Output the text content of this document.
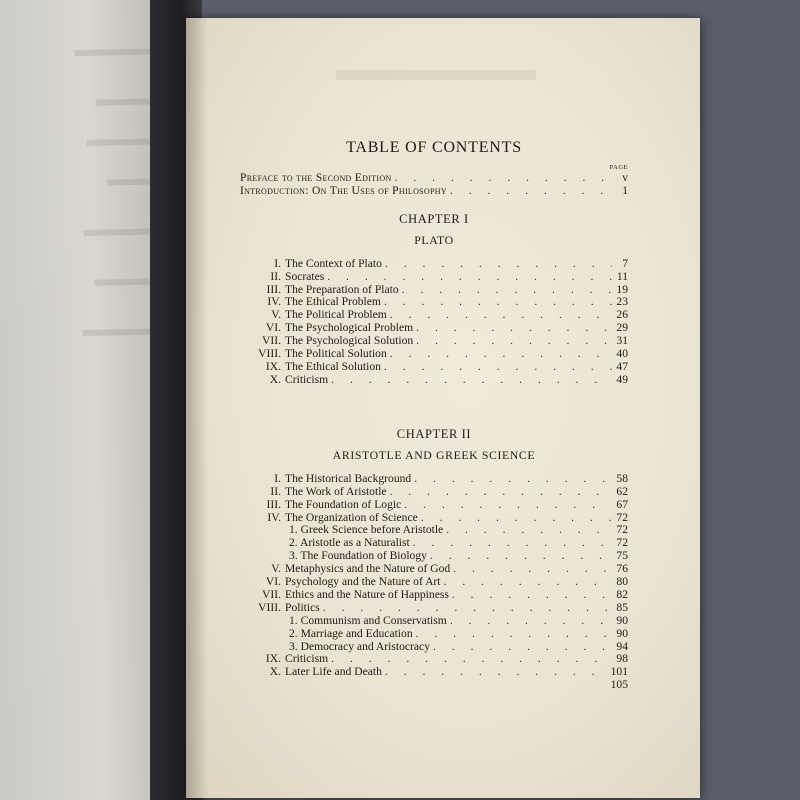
TABLE OF CONTENTS
PAGE
Preface to the Second Edition . . .	v
Introduction: On The Uses of Philosophy . . .	1
CHAPTER I
PLATO
I. The Context of Plato . . .	7
II. Socrates . . .	11
III. The Preparation of Plato . . .	19
IV. The Ethical Problem . . .	23
V. The Political Problem . . .	26
VI. The Psychological Problem . . .	29
VII. The Psychological Solution . . .	31
VIII. The Political Solution . . .	40
IX. The Ethical Solution . . .	47
X. Criticism . . .	49
CHAPTER II
ARISTOTLE AND GREEK SCIENCE
I. The Historical Background . . .	58
II. The Work of Aristotle . . .	62
III. The Foundation of Logic . . .	67
IV. The Organization of Science . . .	72
1. Greek Science before Aristotle . . .	72
2. Aristotle as a Naturalist . . .	72
3. The Foundation of Biology . . .	75
V. Metaphysics and the Nature of God . . .	76
VI. Psychology and the Nature of Art . . .	80
VII. Ethics and the Nature of Happiness . . .	82
VIII. Politics . . .	85
1. Communism and Conservatism . . .	90
2. Marriage and Education . . .	90
3. Democracy and Aristocracy . . .	94
IX. Criticism . . .	98
X. Later Life and Death . . .	101
105
